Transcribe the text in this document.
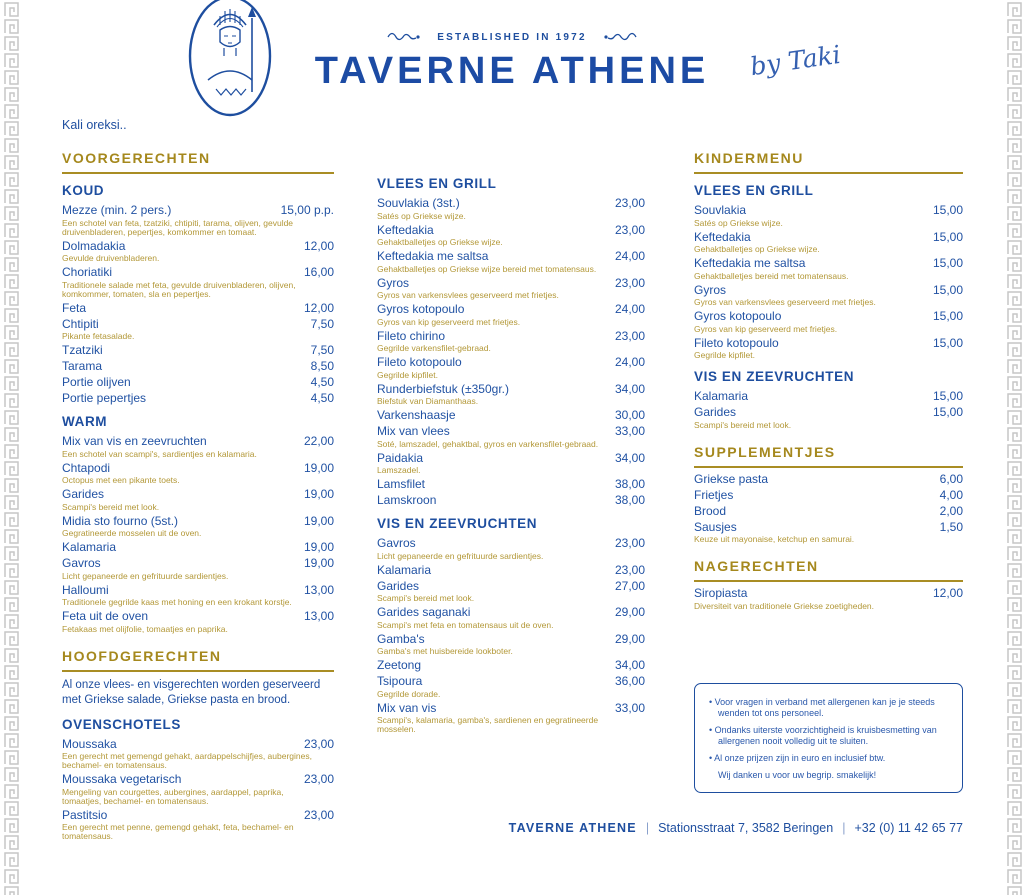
ESTABLISHED IN 1972
TAVERNE ATHENE	by Taki
Kali oreksi..
VOORGERECHTEN
KOUD
Mezze (min. 2 pers.)	15,00 p.p.
Een schotel van feta, tzatziki, chtipiti, tarama, olijven, gevulde druivenbladeren, pepertjes, komkommer en tomaat.
Dolmadakia	12,00
Gevulde druivenbladeren.
Choriatiki	16,00
Traditionele salade met feta, gevulde druivenbladeren, olijven, komkommer, tomaten, sla en pepertjes.
Feta	12,00
Chtipiti	7,50
Pikante fetasalade.
Tzatziki	7,50
Tarama	8,50
Portie olijven	4,50
Portie pepertjes	4,50
WARM
Mix van vis en zeevruchten	22,00
Een schotel van scampi's, sardientjes en kalamaria.
Chtapodi	19,00
Octopus met een pikante toets.
Garides	19,00
Scampi's bereid met look.
Midia sto fourno (5st.)	19,00
Gegratineerde mosselen uit de oven.
Kalamaria	19,00
Gavros	19,00
Licht gepaneerde en gefrituurde sardientjes.
Halloumi	13,00
Traditionele gegrilde kaas met honing en een krokant korstje.
Feta uit de oven	13,00
Fetakaas met olijfolie, tomaatjes en paprika.
HOOFDGERECHTEN

Al onze vlees- en visgerechten worden geserveerd met Griekse salade, Griekse pasta en brood.

OVENSCHOTELS
Moussaka	23,00
Een gerecht met gemengd gehakt, aardappelschijfjes, aubergines, bechamel- en tomatensaus.
Moussaka vegetarisch	23,00
Mengeling van courgettes, aubergines, aardappel, paprika, tomaatjes, bechamel- en tomatensaus.
Pastitsio	23,00
Een gerecht met penne, gemengd gehakt, feta, bechamel- en tomatensaus.
VLEES EN GRILL
Souvlakia (3st.)	23,00
Satés op Griekse wijze.
Keftedakia	23,00
Gehaktballetjes op Griekse wijze.
Keftedakia me saltsa	24,00
Gehaktballetjes op Griekse wijze bereid met tomatensaus.
Gyros	23,00
Gyros van varkensvlees geserveerd met frietjes.
Gyros kotopoulo	24,00
Gyros van kip geserveerd met frietjes.
Fileto chirino	23,00
Gegrilde varkensfilet-gebraad.
Fileto kotopoulo	24,00
Gegrilde kipfilet.
Runderbiefstuk (±350gr.)	34,00
Biefstuk van Diamanthaas.
Varkenshaasje	30,00
Mix van vlees	33,00
Soté, lamszadel, gehaktbal, gyros en varkensfilet-gebraad.
Paidakia	34,00
Lamszadel.
Lamsfilet	38,00
Lamskroon	38,00
VIS EN ZEEVRUCHTEN
Gavros	23,00
Licht gepaneerde en gefrituurde sardientjes.
Kalamaria	23,00
Garides	27,00
Scampi's bereid met look.
Garides saganaki	29,00
Scampi's met feta en tomatensaus uit de oven.
Gamba's	29,00
Gamba's met huisbereide lookboter.
Zeetong	34,00
Tsipoura	36,00
Gegrilde dorade.
Mix van vis	33,00
Scampi's, kalamaria, gamba's, sardienen en gegratineerde mosselen.
KINDERMENU
VLEES EN GRILL
Souvlakia	15,00
Satés op Griekse wijze.
Keftedakia	15,00
Gehaktballetjes op Griekse wijze.
Keftedakia me saltsa	15,00
Gehaktballetjes bereid met tomatensaus.
Gyros	15,00
Gyros van varkensvlees geserveerd met frietjes.
Gyros kotopoulo	15,00
Gyros van kip geserveerd met frietjes.
Fileto kotopoulo	15,00
Gegrilde kipfilet.
VIS EN ZEEVRUCHTEN
Kalamaria	15,00
Garides	15,00
Scampi's bereid met look.
SUPPLEMENTJES
Griekse pasta	6,00
Frietjes	4,00
Brood	2,00
Sausjes	1,50
Keuze uit mayonaise, ketchup en samurai.
NAGERECHTEN
Siropiasta	12,00
Diversiteit van traditionele Griekse zoetigheden.
• Voor vragen in verband met allergenen kan je je steeds wenden tot ons personeel.
• Ondanks uiterste voorzichtigheid is kruisbesmetting van allergenen nooit volledig uit te sluiten.
• Al onze prijzen zijn in euro en inclusief btw.
Wij danken u voor uw begrip. smakelijk!
TAVERNE ATHENE | Stationsstraat 7, 3582 Beringen | +32 (0) 11 42 65 77
